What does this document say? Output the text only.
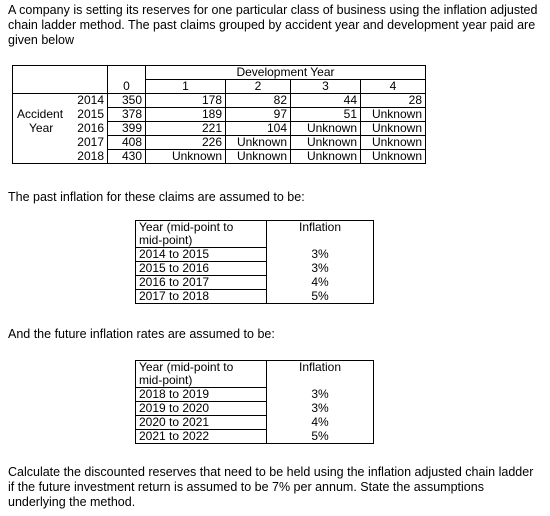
A company is setting its reserves for one particular class of business using the inflation adjusted chain ladder method. The past claims grouped by accident year and development year paid are given below

		Development Year			
	0	1	2	3	4
2014	350	178	82	44	28

Accident 2015	378	189	97	51	Unknown

Year 2016	399	221	104	Unknown	Unknown
2017	408	226	Unknown	Unknown	Unknown
2018	430	Unknown	Unknown	Unknown	Unknown

The past inflation for these claims are assumed to be:

Year (mid-point to
mid-point)	Inflation
2014 to 2015	3%
2015 to 2016	3%
2016 to 2017	4%
2017 to 2018	5%

And the future inflation rates are assumed to be:

Year (mid-point to
mid-point)	Inflation
2018 to 2019	3%
2019 to 2020	3%
2020 to 2021	4%
2021 to 2022	5%

Calculate the discounted reserves that need to be held using the inflation adjusted chain ladder if the future investment return is assumed to be 7% per annum. State the assumptions underlying the method.
